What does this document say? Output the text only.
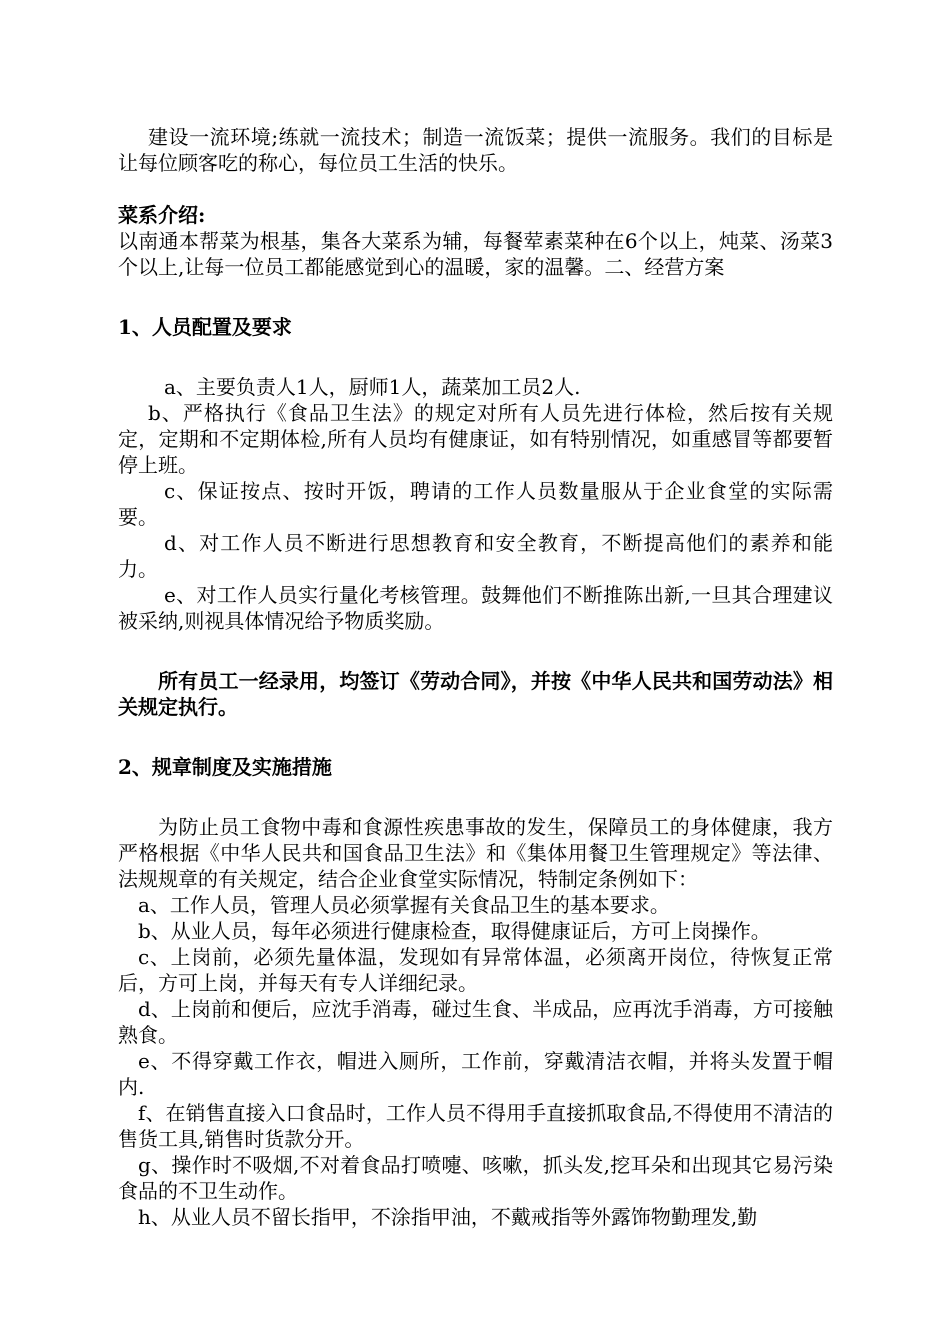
建设一流环境;练就一流技术；制造一流饭菜；提供一流服务。我们的目标是让每位顾客吃的称心，每位员工生活的快乐。

菜系介绍:

以南通本帮菜为根基，集各大菜系为辅，每餐荤素菜种在6个以上，炖菜、汤菜3个以上,让每一位员工都能感觉到心的温暖，家的温馨。二、经营方案

1、人员配置及要求

a、主要负责人1人，厨师1人，蔬菜加工员2人.

b、严格执行《食品卫生法》的规定对所有人员先进行体检，然后按有关规定，定期和不定期体检,所有人员均有健康证，如有特别情况，如重感冒等都要暂停上班。

c、保证按点、按时开饭，聘请的工作人员数量服从于企业食堂的实际需要。

d、对工作人员不断进行思想教育和安全教育，不断提高他们的素养和能力。

e、对工作人员实行量化考核管理。鼓舞他们不断推陈出新,一旦其合理建议被采纳,则视具体情况给予物质奖励。

所有员工一经录用，均签订《劳动合同》，并按《中华人民共和国劳动法》相关规定执行。

2、规章制度及实施措施

为防止员工食物中毒和食源性疾患事故的发生，保障员工的身体健康，我方严格根据《中华人民共和国食品卫生法》和《集体用餐卫生管理规定》等法律、法规规章的有关规定，结合企业食堂实际情况，特制定条例如下：

a、工作人员，管理人员必须掌握有关食品卫生的基本要求。

b、从业人员，每年必须进行健康检查，取得健康证后，方可上岗操作。

c、上岗前，必须先量体温，发现如有异常体温，必须离开岗位，待恢复正常后，方可上岗，并每天有专人详细纪录。

d、上岗前和便后，应沈手消毒，碰过生食、半成品，应再沈手消毒，方可接触熟食。

e、不得穿戴工作衣，帽进入厕所，工作前，穿戴清洁衣帽，并将头发置于帽内.

f、在销售直接入口食品时，工作人员不得用手直接抓取食品,不得使用不清洁的售货工具,销售时货款分开。

g、操作时不吸烟,不对着食品打喷嚏、咳嗽，抓头发,挖耳朵和出现其它易污染食品的不卫生动作。

h、从业人员不留长指甲，不涂指甲油，不戴戒指等外露饰物勤理发,勤
